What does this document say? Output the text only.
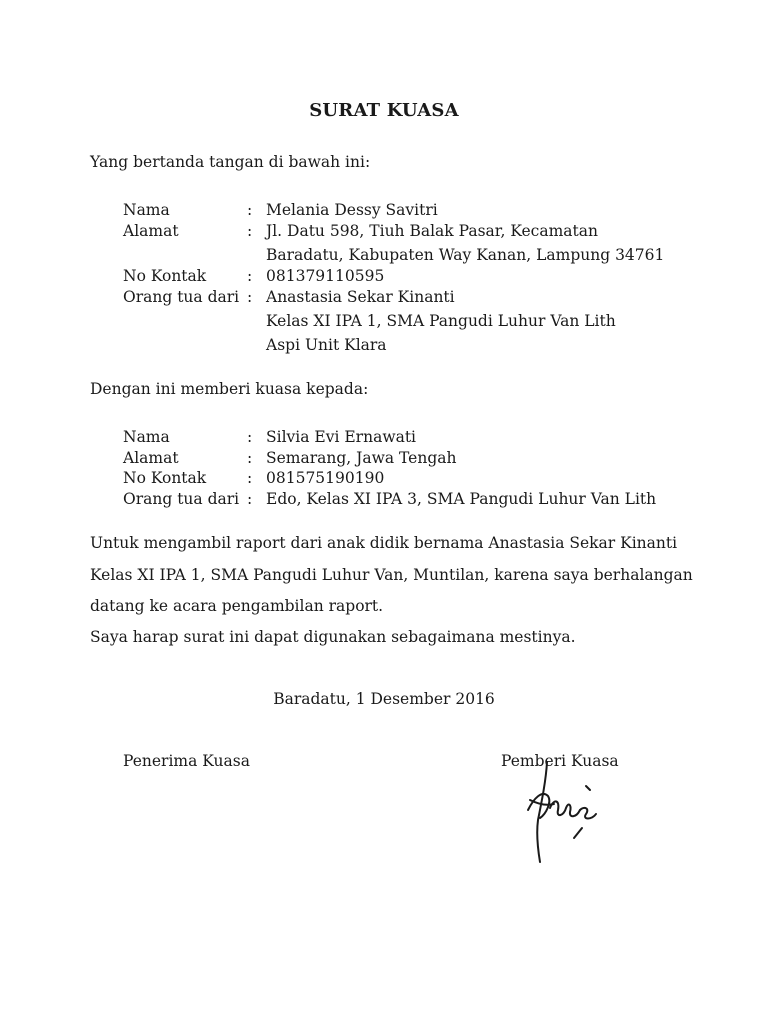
SURAT KUASA
Yang bertanda tangan di bawah ini:
Nama	: Melania Dessy Savitri
Alamat	: Jl. Datu 598, Tiuh Balak Pasar, Kecamatan
Baradatu, Kabupaten Way Kanan, Lampung 34761
No Kontak	: 081379110595
Orang tua dari : Anastasia Sekar Kinanti
Kelas XI IPA 1, SMA Pangudi Luhur Van Lith
Aspi Unit Klara
Dengan ini memberi kuasa kepada:
Nama	: Silvia Evi Ernawati
Alamat	: Semarang, Jawa Tengah
No Kontak	: 081575190190
Orang tua dari : Edo, Kelas XI IPA 3, SMA Pangudi Luhur Van Lith
Untuk mengambil raport dari anak didik bernama Anastasia Sekar Kinanti
Kelas XI IPA 1, SMA Pangudi Luhur Van, Muntilan, karena saya berhalangan
datang ke acara pengambilan raport.
Saya harap surat ini dapat digunakan sebagaimana mestinya.
Baradatu, 1 Desember 2016
Penerima Kuasa	Pemberi Kuasa
